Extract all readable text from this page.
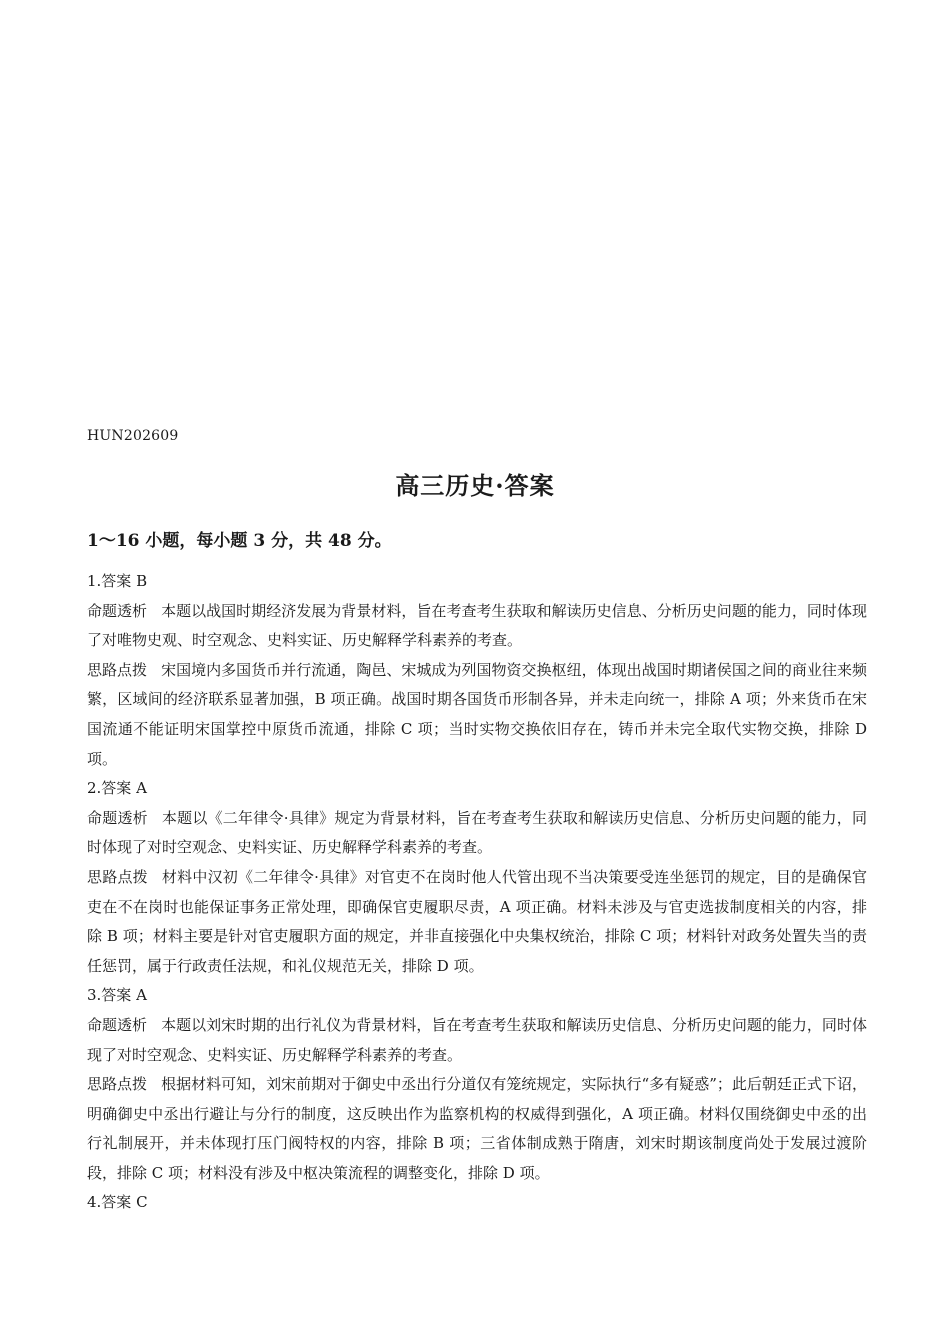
HUN202609
高三历史·答案
1～16 小题，每小题 3 分，共 48 分。

1.答案 B

命题透析 本题以战国时期经济发展为背景材料，旨在考查考生获取和解读历史信息、分析历史问题的能力，同时体现了对唯物史观、时空观念、史料实证、历史解释学科素养的考查。

思路点拨 宋国境内多国货币并行流通，陶邑、宋城成为列国物资交换枢纽，体现出战国时期诸侯国之间的商业往来频繁，区域间的经济联系显著加强，B 项正确。战国时期各国货币形制各异，并未走向统一，排除 A 项；外来货币在宋国流通不能证明宋国掌控中原货币流通，排除 C 项；当时实物交换依旧存在，铸币并未完全取代实物交换，排除 D 项。

2.答案 A

命题透析 本题以《二年律令·具律》规定为背景材料，旨在考查考生获取和解读历史信息、分析历史问题的能力，同时体现了对时空观念、史料实证、历史解释学科素养的考查。

思路点拨 材料中汉初《二年律令·具律》对官吏不在岗时他人代管出现不当决策要受连坐惩罚的规定，目的是确保官吏在不在岗时也能保证事务正常处理，即确保官吏履职尽责，A 项正确。材料未涉及与官吏选拔制度相关的内容，排除 B 项；材料主要是针对官吏履职方面的规定，并非直接强化中央集权统治，排除 C 项；材料针对政务处置失当的责任惩罚，属于行政责任法规，和礼仪规范无关，排除 D 项。

3.答案 A

命题透析 本题以刘宋时期的出行礼仪为背景材料，旨在考查考生获取和解读历史信息、分析历史问题的能力，同时体现了对时空观念、史料实证、历史解释学科素养的考查。

思路点拨 根据材料可知，刘宋前期对于御史中丞出行分道仅有笼统规定，实际执行“多有疑惑”；此后朝廷正式下诏，明确御史中丞出行避让与分行的制度，这反映出作为监察机构的权威得到强化，A 项正确。材料仅围绕御史中丞的出行礼制展开，并未体现打压门阀特权的内容，排除 B 项；三省体制成熟于隋唐，刘宋时期该制度尚处于发展过渡阶段，排除 C 项；材料没有涉及中枢决策流程的调整变化，排除 D 项。

4.答案 C
